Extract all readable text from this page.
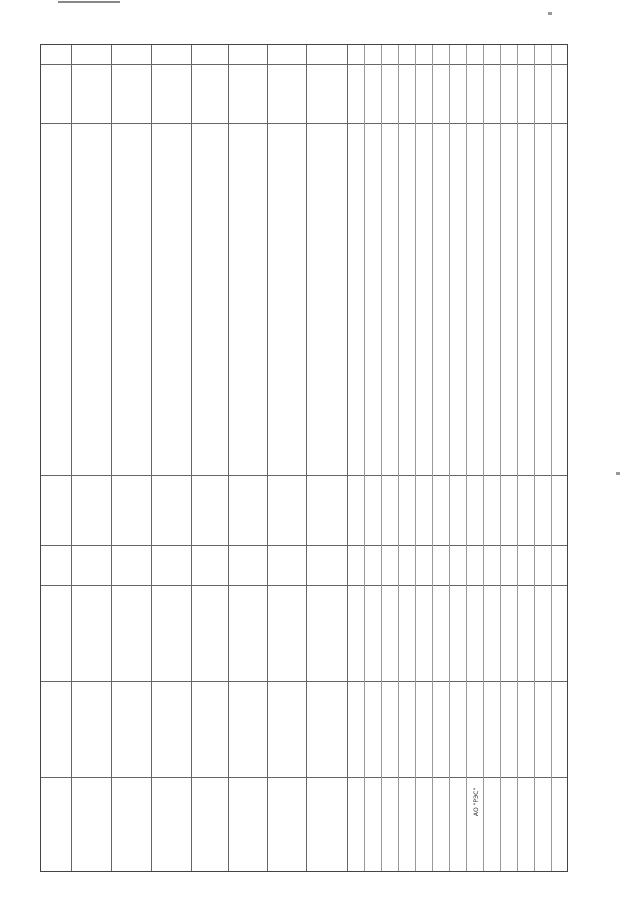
АО "РЭС"
